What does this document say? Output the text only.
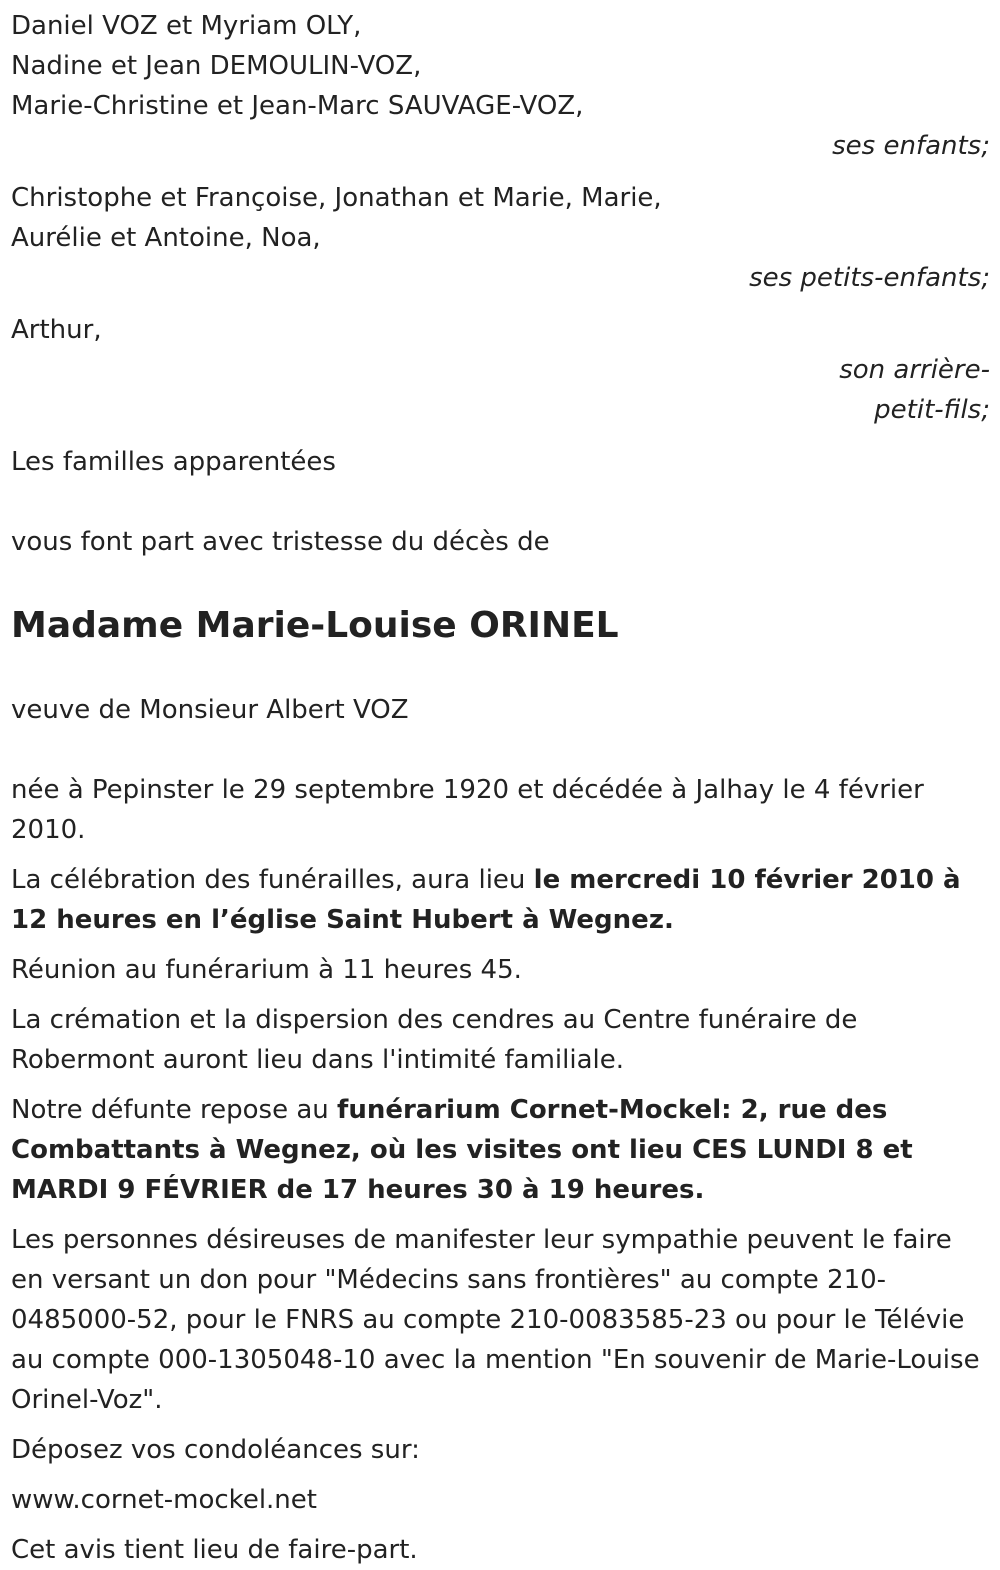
Daniel VOZ et Myriam OLY,
Nadine et Jean DEMOULIN-VOZ,
Marie-Christine et Jean-Marc SAUVAGE-VOZ,
ses enfants;
Christophe et Françoise, Jonathan et Marie, Marie,
Aurélie et Antoine, Noa,
ses petits-enfants;
Arthur,
son arrière-
petit-fils;
Les familles apparentées
vous font part avec tristesse du décès de
Madame Marie-Louise ORINEL
veuve de Monsieur Albert VOZ

née à Pepinster le 29 septembre 1920 et décédée à Jalhay le 4 février 2010.

La célébration des funérailles, aura lieu le mercredi 10 février 2010 à 12 heures en l’église Saint Hubert à Wegnez.

Réunion au funérarium à 11 heures 45.

La crémation et la dispersion des cendres au Centre funéraire de Robermont auront lieu dans l'intimité familiale.

Notre défunte repose au funérarium Cornet-Mockel: 2, rue des Combattants à Wegnez, où les visites ont lieu CES LUNDI 8 et MARDI 9 FÉVRIER de 17 heures 30 à 19 heures.

Les personnes désireuses de manifester leur sympathie peuvent le faire en versant un don pour "Médecins sans frontières" au compte 210-0485000-52, pour le FNRS au compte 210-0083585-23 ou pour le Télévie au compte 000-1305048-10 avec la mention "En souvenir de Marie-Louise Orinel-Voz".

Déposez vos condoléances sur:

www.cornet-mockel.net

Cet avis tient lieu de faire-part.
